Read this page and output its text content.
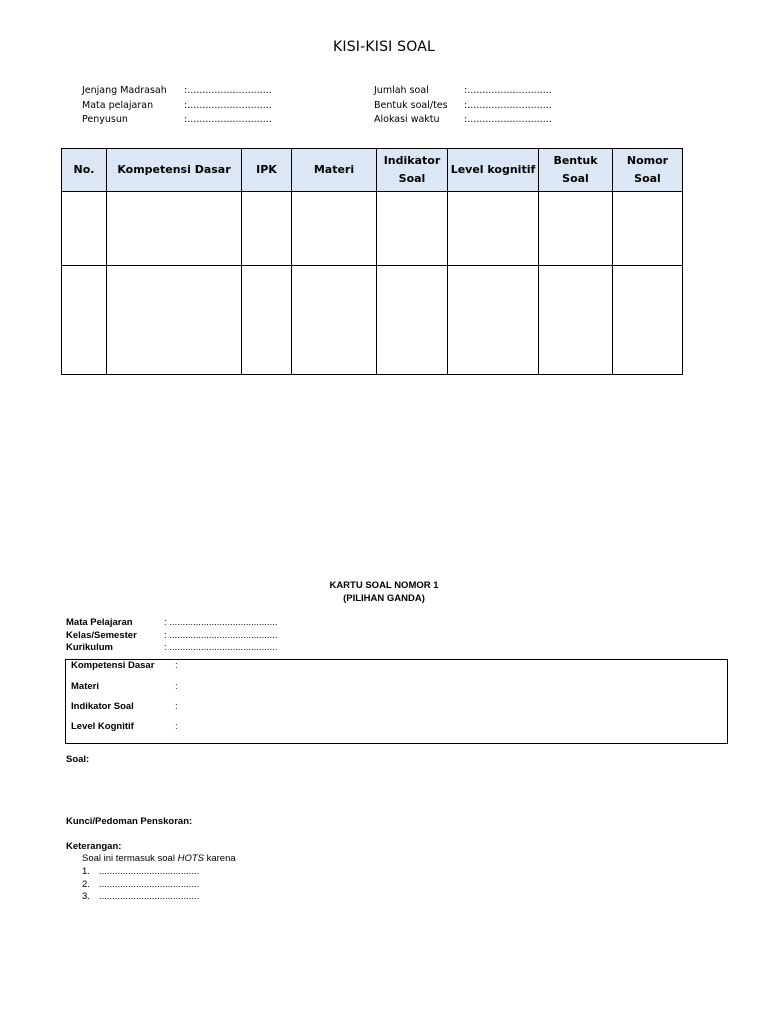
KISI-KISI SOAL
Jenjang Madrasah	:............................
Mata pelajaran	:............................
Penyusun	:............................
Jumlah soal	:............................
Bentuk soal/tes	:............................
Alokasi waktu	:............................
No.	Kompetensi Dasar	IPK	Materi	Indikator Soal	Level kognitif	Bentuk Soal	Nomor Soal

KARTU SOAL NOMOR 1
(PILIHAN GANDA)
Mata Pelajaran	: .........................................
Kelas/Semester	: .........................................
Kurikulum	: .........................................
Kompetensi Dasar	:
Materi	:
Indikator Soal	:
Level Kognitif	:
Soal:
Kunci/Pedoman Penskoran:
Keterangan:
Soal ini termasuk soal HOTS karena
1. ......................................
2. ......................................
3. ......................................
